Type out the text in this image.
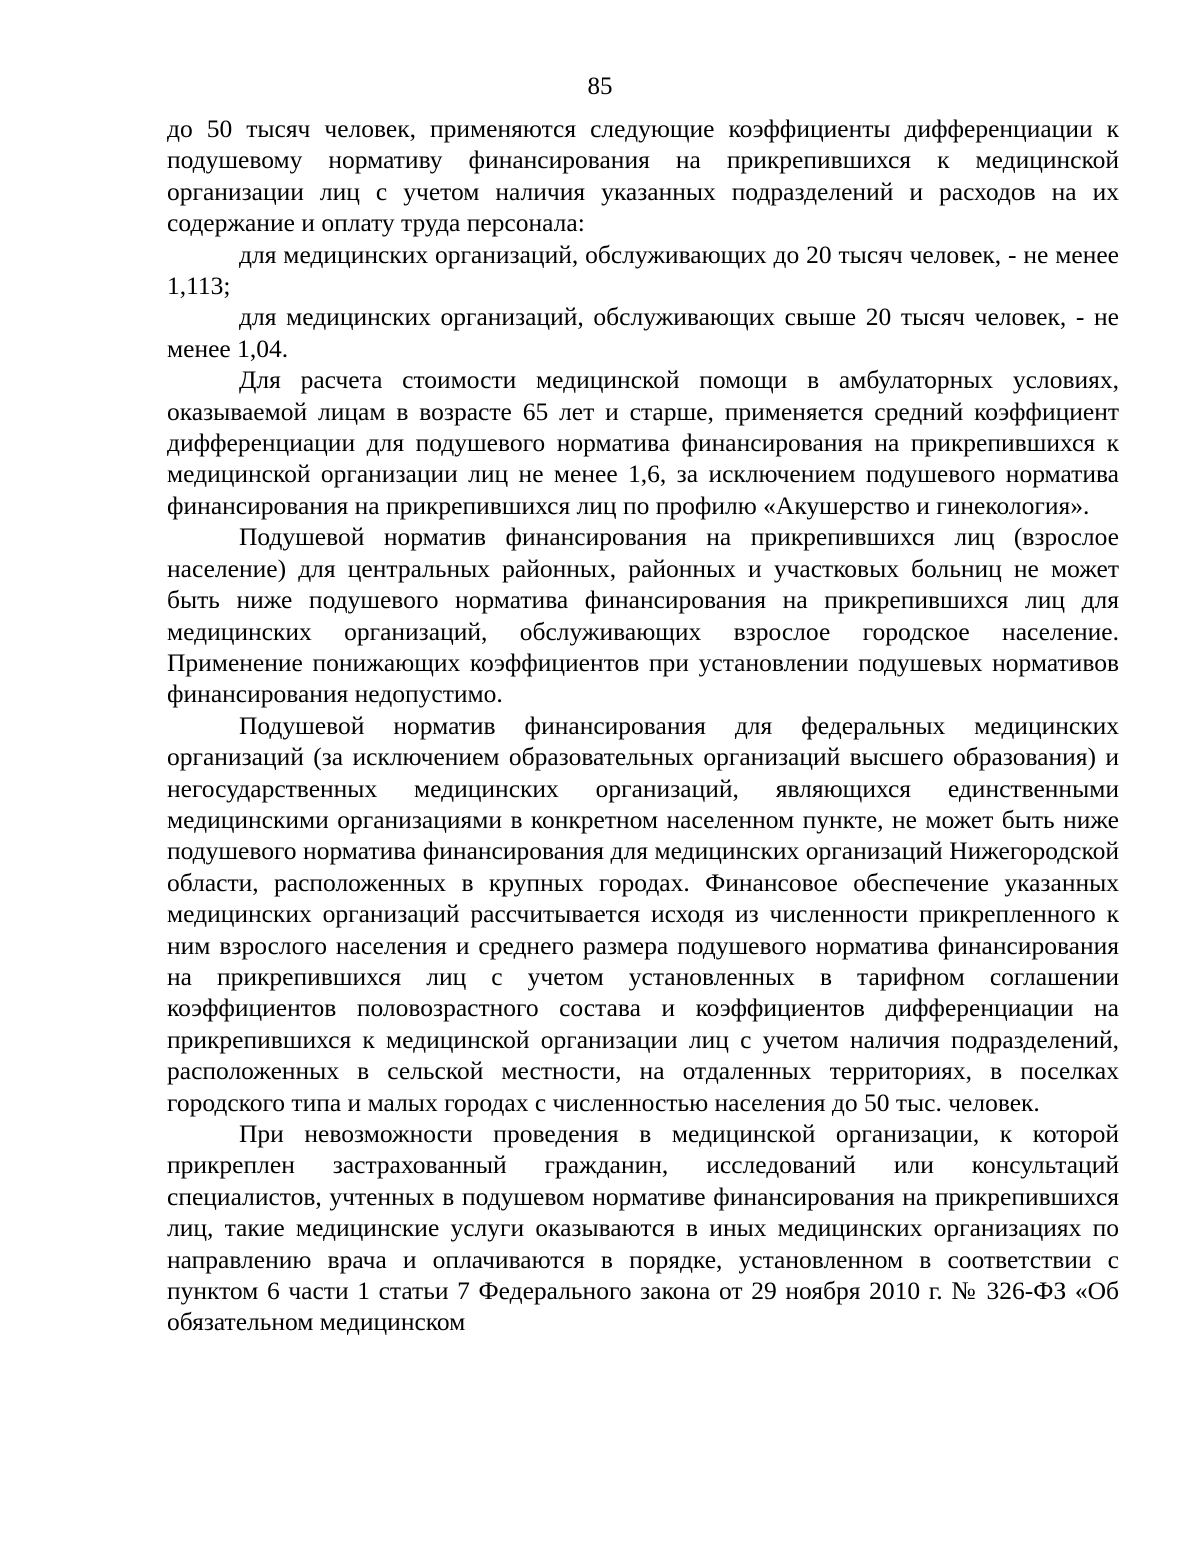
85

до 50 тысяч человек, применяются следующие коэффициенты дифференциации к подушевому нормативу финансирования на прикрепившихся к медицинской организации лиц с учетом наличия указанных подразделений и расходов на их содержание и оплату труда персонала:

для медицинских организаций, обслуживающих до 20 тысяч человек, - не менее 1,113;

для медицинских организаций, обслуживающих свыше 20 тысяч человек, - не менее 1,04.

Для расчета стоимости медицинской помощи в амбулаторных условиях, оказываемой лицам в возрасте 65 лет и старше, применяется средний коэффициент дифференциации для подушевого норматива финансирования на прикрепившихся к медицинской организации лиц не менее 1,6, за исключением подушевого норматива финансирования на прикрепившихся лиц по профилю «Акушерство и гинекология».

Подушевой норматив финансирования на прикрепившихся лиц (взрослое население) для центральных районных, районных и участковых больниц не может быть ниже подушевого норматива финансирования на прикрепившихся лиц для медицинских организаций, обслуживающих взрослое городское население. Применение понижающих коэффициентов при установлении подушевых нормативов финансирования недопустимо.

Подушевой норматив финансирования для федеральных медицинских организаций (за исключением образовательных организаций высшего образования) и негосударственных медицинских организаций, являющихся единственными медицинскими организациями в конкретном населенном пункте, не может быть ниже подушевого норматива финансирования для медицинских организаций Нижегородской области, расположенных в крупных городах. Финансовое обеспечение указанных медицинских организаций рассчитывается исходя из численности прикрепленного к ним взрослого населения и среднего размера подушевого норматива финансирования на прикрепившихся лиц с учетом установленных в тарифном соглашении коэффициентов половозрастного состава и коэффициентов дифференциации на прикрепившихся к медицинской организации лиц с учетом наличия подразделений, расположенных в сельской местности, на отдаленных территориях, в поселках городского типа и малых городах с численностью населения до 50 тыс. человек.

При невозможности проведения в медицинской организации, к которой прикреплен застрахованный гражданин, исследований или консультаций специалистов, учтенных в подушевом нормативе финансирования на прикрепившихся лиц, такие медицинские услуги оказываются в иных медицинских организациях по направлению врача и оплачиваются в порядке, установленном в соответствии с пунктом 6 части 1 статьи 7 Федерального закона от 29 ноября 2010 г. № 326-ФЗ «Об обязательном медицинском
